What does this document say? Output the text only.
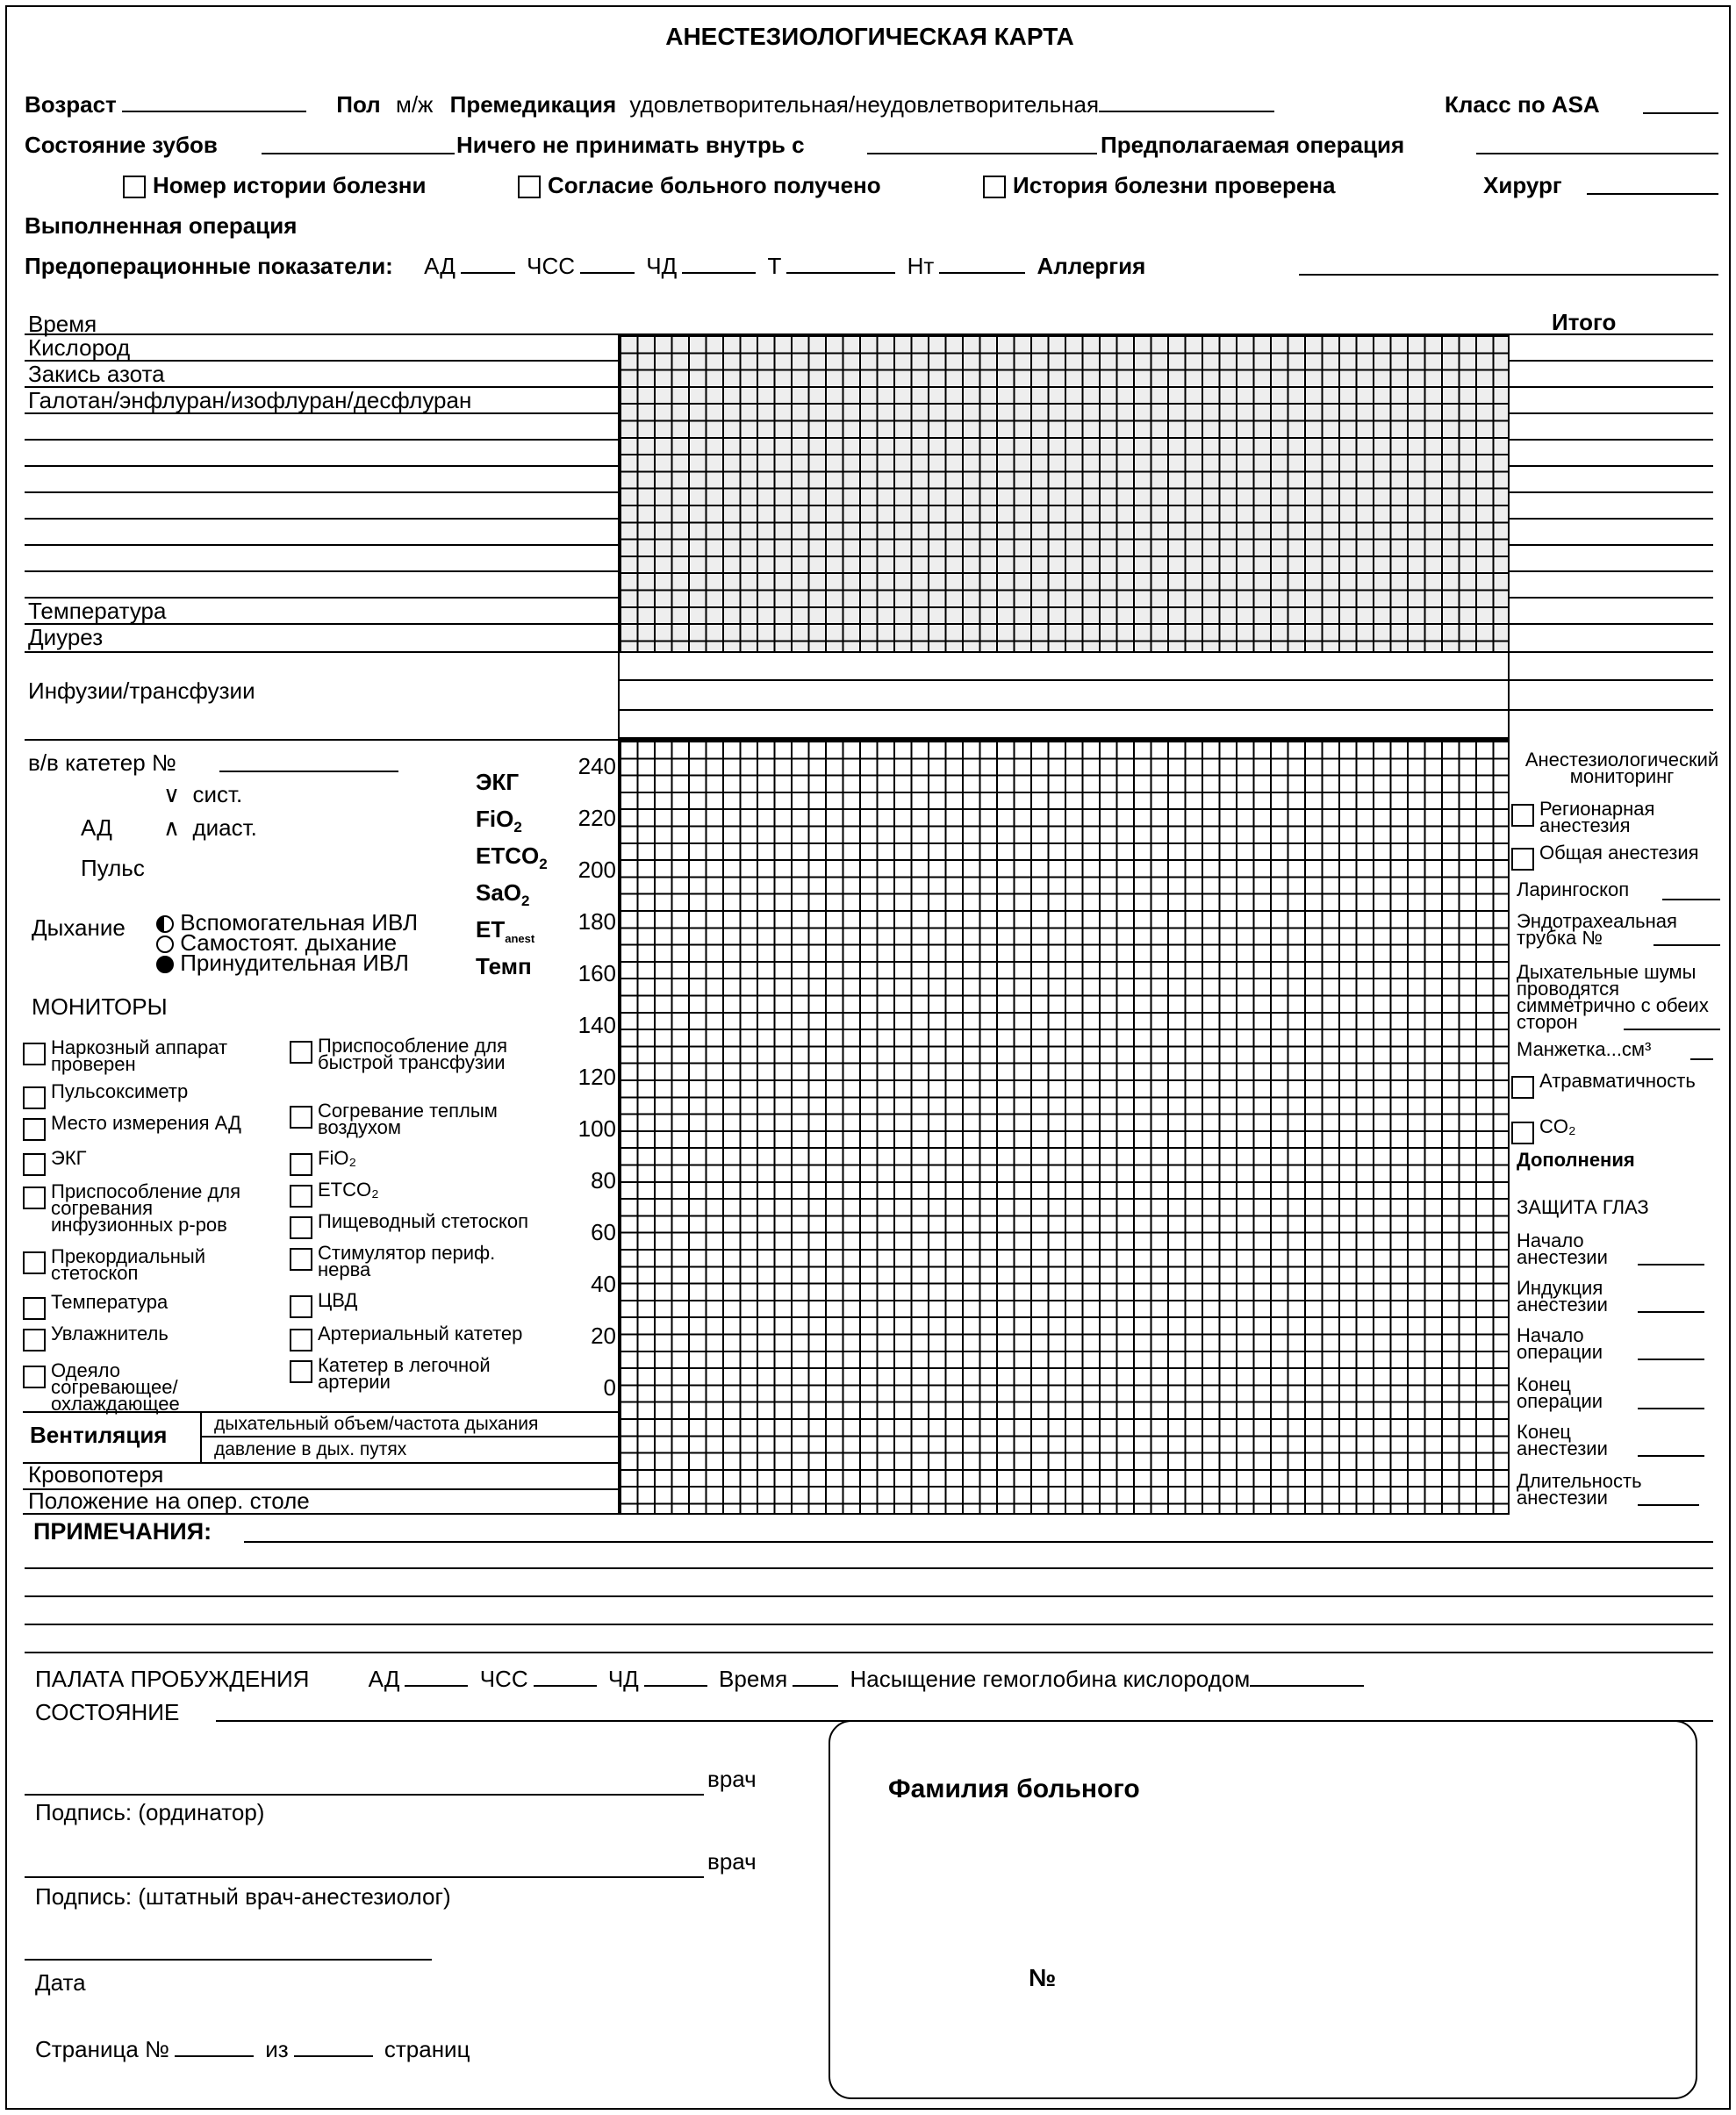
АНЕСТЕЗИОЛОГИЧЕСКАЯ КАРТА
Возраст	Пол м/ж Премедикация удовлетворительная/неудовлетворительная	Класс по ASA
Состояние зубов	Ничего не принимать внутрь с	Предполагаемая операция
Номер истории болезни	Согласие больного получено	История болезни проверена	Хирург
Выполненная операция
Предоперационные показатели: АД	ЧСС	ЧД	Т	Нт	Аллергия
Время	Итого
Кислород
Закись азота
Галотан/энфлуран/изофлуран/десфлуран
Температура
Диурез
Инфузии/трансфузии
240
220
200
180
160
140
120
100
80
60
40
20
0
ЭКГ
FiO$_2$
$ETCO_2$
SaO$_2$
$ET_{anest}$
Темп
в/в катетер №
∨ сист.
АД ∧ диаст.
Пульс
Дыхание	Вспомогательная ИВЛ
Самостоят. дыхание
Принудительная ИВЛ
МОНИТОРЫ
Наркозный аппарат проверен
Пульсоксиметр
Место измерения АД
ЭКГ
Приспособление для согревания инфузионных р-ров
Прекордиальный стетоскоп
Температура
Увлажнитель
Одеяло согревающее/ охлаждающее
Приспособление для быстрой трансфузии
Согревание теплым воздухом
FiO₂
ETCO₂
Пищеводный стетоскоп
Стимулятор периф. нерва
ЦВД
Артериальный катетер
Катетер в легочной артерии
Вентиляция	дыхательный объем/частота дыхания
давление в дых. путях
Кровопотеря
Положение на опер. столе
Анестезиологический мониторинг
Регионарная анестезия
Общая анестезия
Ларингоскоп
Эндотрахеальная трубка №
Дыхательные шумы проводятся симметрично с обеих сторон
Манжетка...см³
Атравматичность
CO₂
Дополнения
ЗАЩИТА ГЛАЗ
Начало анестезии
Индукция анестезии
Начало операции
Конец операции
Конец анестезии
Длительность анестезии
ПРИМЕЧАНИЯ:
ПАЛАТА ПРОБУЖДЕНИЯ	АД	ЧСС	ЧД	Время	Насыщение гемоглобина кислородом
СОСТОЯНИЕ
врач
Подпись: (ординатор)
врач
Подпись: (штатный врач-анестезиолог)
Дата
Страница №	из	страниц
Фамилия больного
№
